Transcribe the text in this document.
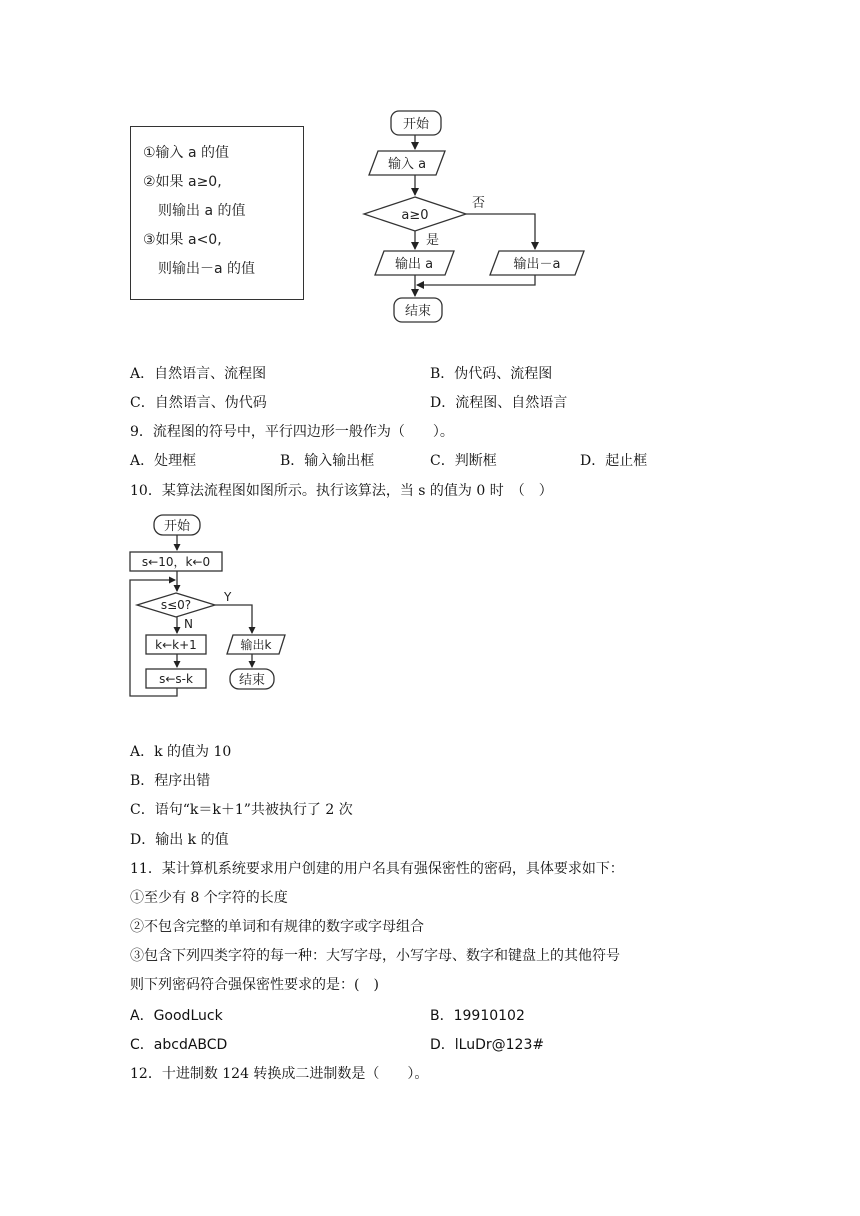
①输入 a 的值
②如果 a≥0,
则输出 a 的值
③如果 a<0,
则输出－a 的值
开始
输入 a
a≥0
否
是
输出 a	输出－a
结束
A．自然语言、流程图	B．伪代码、流程图
C．自然语言、伪代码	D．流程图、自然语言
9．流程图的符号中，平行四边形一般作为（　　）。
A．处理框	B．输入输出框	C．判断框	D．起止框
10．某算法流程图如图所示。执行该算法，当 s 的值为 0 时　（　）
开始
s←10，k←0
s≤0?
Y
N
k←k+1
s←s-k
输出k
结束
A．k 的值为 10
B．程序出错
C．语句“k＝k＋1”共被执行了 2 次
D．输出 k 的值
11．某计算机系统要求用户创建的用户名具有强保密性的密码，具体要求如下：
①至少有 8 个字符的长度
②不包含完整的单词和有规律的数字或字母组合
③包含下列四类字符的每一种：大写字母，小写字母、数字和键盘上的其他符号
则下列密码符合强保密性要求的是：(　)
A．GoodLuck	B．19910102
C．abcdABCD	D．lLuDr@123#
12．十进制数 124 转换成二进制数是（　　）。
